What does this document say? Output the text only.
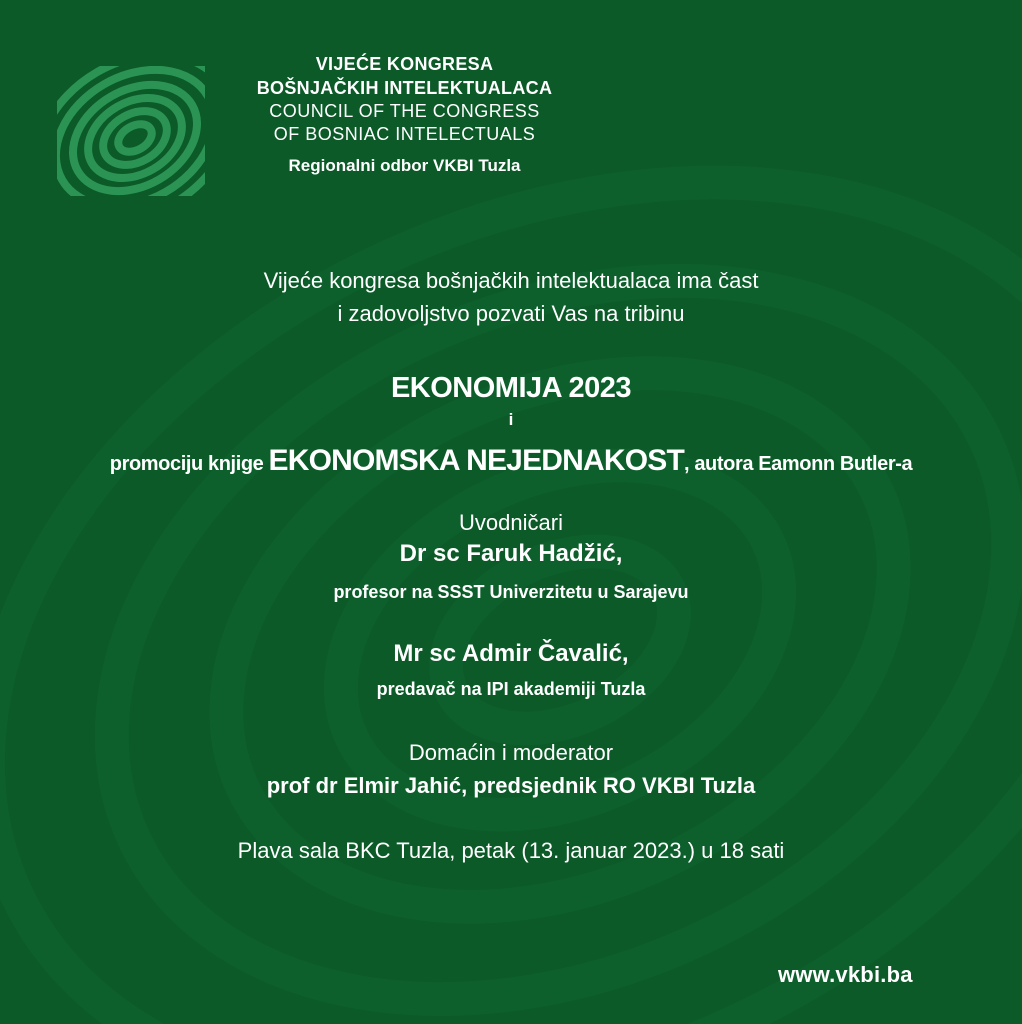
VIJEĆE KONGRESA
BOŠNJAČKIH INTELEKTUALACA
COUNCIL OF THE CONGRESS
OF BOSNIAC INTELECTUALS
Regionalni odbor VKBI Tuzla
Vijeće kongresa bošnjačkih intelektualaca ima čast
i zadovoljstvo pozvati Vas na tribinu
EKONOMIJA 2023
i
promociju knjige EKONOMSKA NEJEDNAKOST, autora Eamonn Butler-a
Uvodničari
Dr sc Faruk Hadžić,
profesor na SSST Univerzitetu u Sarajevu
Mr sc Admir Čavalić,
predavač na IPI akademiji Tuzla
Domaćin i moderator
prof dr Elmir Jahić, predsjednik RO VKBI Tuzla
Plava sala BKC Tuzla, petak (13. januar 2023.) u 18 sati
www.vkbi.ba
